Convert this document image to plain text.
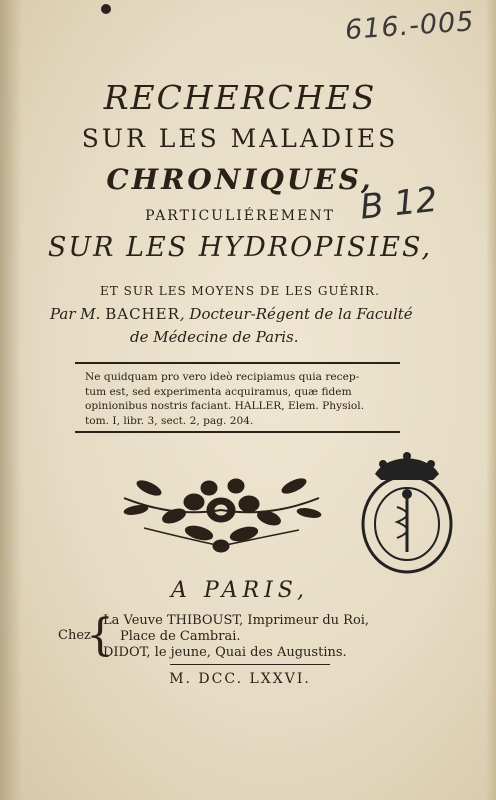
616.-005
B 12
RECHERCHES
SUR LES MALADIES
CHRONIQUES,
PARTICULIÉREMENT
SUR LES HYDROPISIES,
ET SUR LES MOYENS DE LES GUÉRIR.
Par M. BACHER, Docteur-Régent de la Faculté
de Médecine de Paris.
Ne quidquam pro vero ideò recipiamus quia recep-
tum est, sed experimenta acquiramus, quæ fidem
opinionibus nostris faciant. HALLER, Elem. Physiol.
tom. I, libr. 3, sect. 2, pag. 204.
A PARIS,
Chez
{
La Veuve THIBOUST, Imprimeur du Roi,
Place de Cambrai.
DIDOT, le jeune, Quai des Augustins.
M. DCC. LXXVI.
